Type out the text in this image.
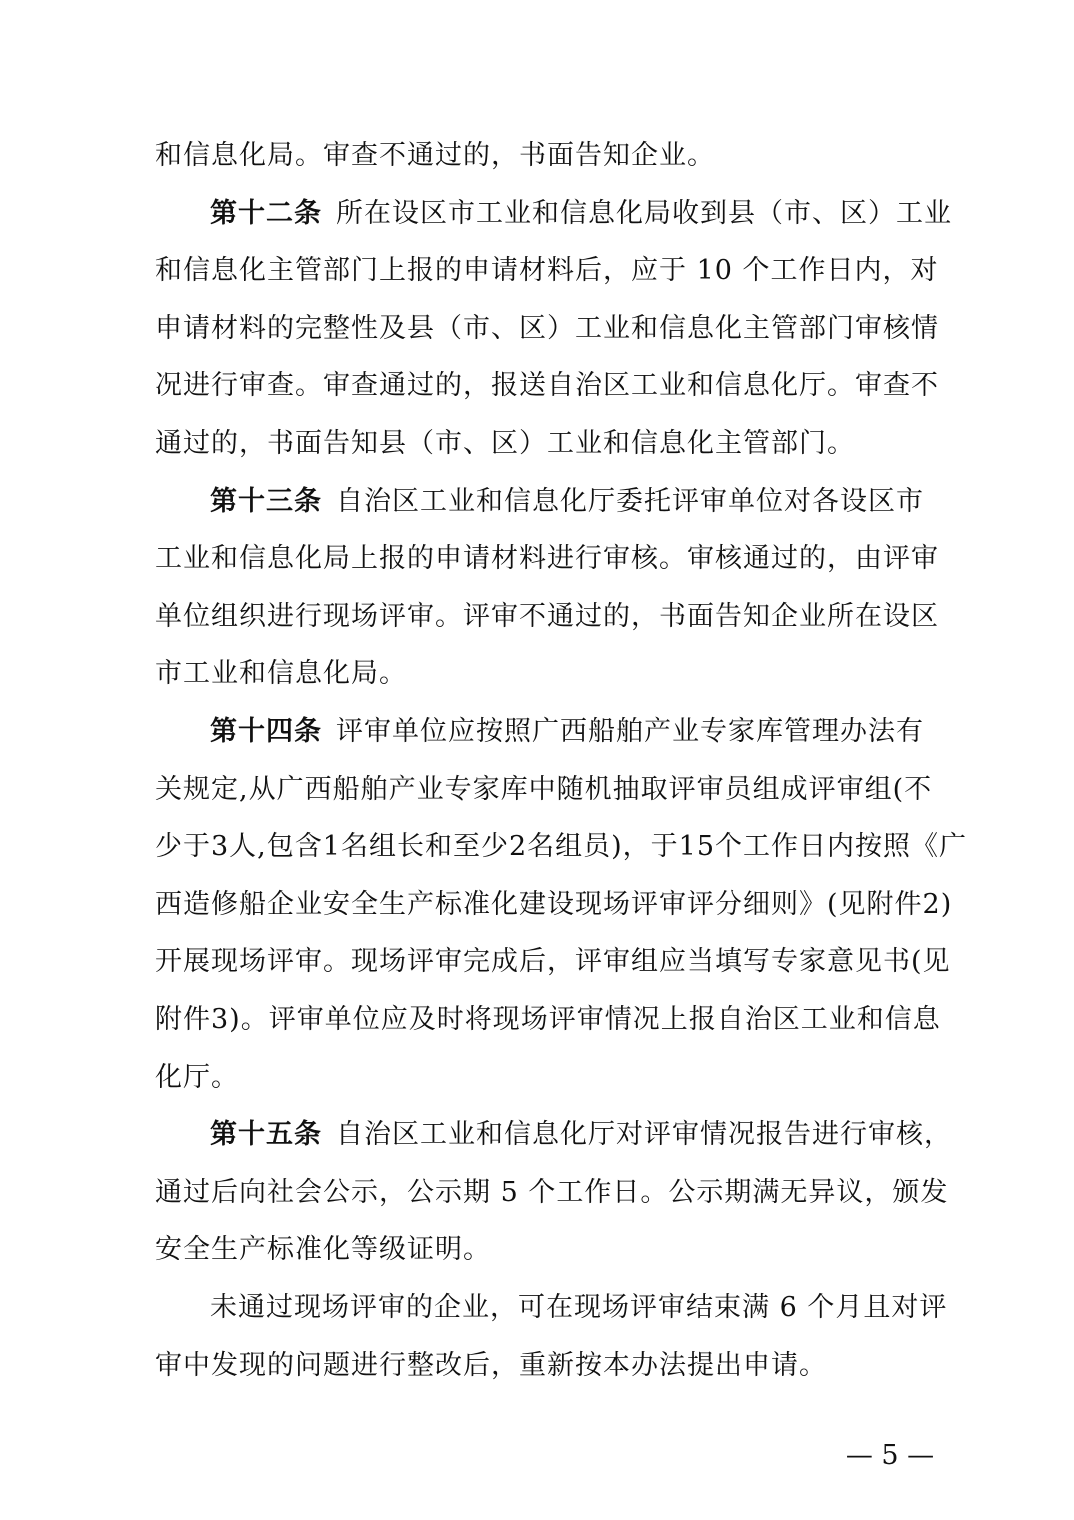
和信息化局。审查不通过的，书面告知企业。
第十二条 所在设区市工业和信息化局收到县（市、区）工业
和信息化主管部门上报的申请材料后，应于 10 个工作日内，对
申请材料的完整性及县（市、区）工业和信息化主管部门审核情
况进行审查。审查通过的，报送自治区工业和信息化厅。审查不
通过的，书面告知县（市、区）工业和信息化主管部门。
第十三条 自治区工业和信息化厅委托评审单位对各设区市
工业和信息化局上报的申请材料进行审核。审核通过的，由评审
单位组织进行现场评审。评审不通过的，书面告知企业所在设区
市工业和信息化局。
第十四条 评审单位应按照广西船舶产业专家库管理办法有
关规定,从广西船舶产业专家库中随机抽取评审员组成评审组(不
少于3人,包含1名组长和至少2名组员)，于15个工作日内按照《广
西造修船企业安全生产标准化建设现场评审评分细则》(见附件2)
开展现场评审。现场评审完成后，评审组应当填写专家意见书(见
附件3)。评审单位应及时将现场评审情况上报自治区工业和信息
化厅。
第十五条 自治区工业和信息化厅对评审情况报告进行审核，
通过后向社会公示，公示期 5 个工作日。公示期满无异议，颁发
安全生产标准化等级证明。
未通过现场评审的企业，可在现场评审结束满 6 个月且对评
审中发现的问题进行整改后，重新按本办法提出申请。
— 5 —
